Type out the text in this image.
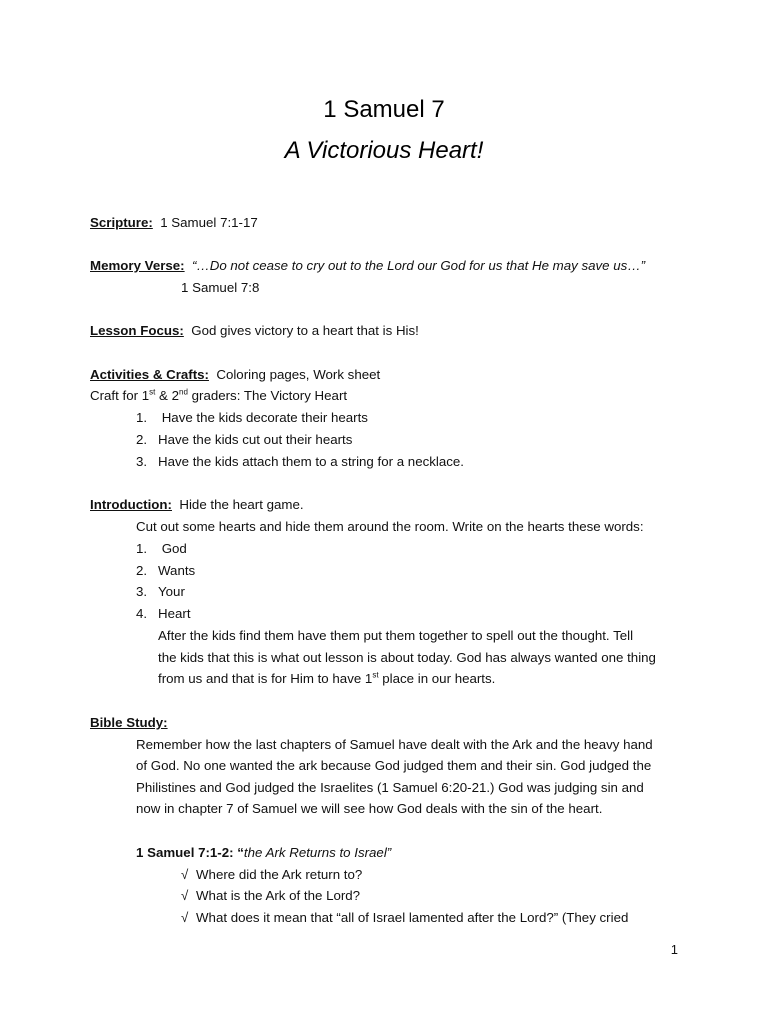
1 Samuel 7
A Victorious Heart!
Scripture: 1 Samuel 7:1-17
Memory Verse: “…Do not cease to cry out to the Lord our God for us that He may save us…”
1 Samuel 7:8
Lesson Focus: God gives victory to a heart that is His!
Activities & Crafts: Coloring pages, Work sheet
Craft for 1st & 2nd graders: The Victory Heart
1. Have the kids decorate their hearts
2. Have the kids cut out their hearts
3. Have the kids attach them to a string for a necklace.
Introduction: Hide the heart game.
Cut out some hearts and hide them around the room. Write on the hearts these words:
1. God
2. Wants
3. Your
4. Heart
After the kids find them have them put them together to spell out the thought. Tell
the kids that this is what out lesson is about today. God has always wanted one thing
from us and that is for Him to have 1st place in our hearts.
Bible Study:
Remember how the last chapters of Samuel have dealt with the Ark and the heavy hand
of God. No one wanted the ark because God judged them and their sin. God judged the
Philistines and God judged the Israelites (1 Samuel 6:20-21.) God was judging sin and
now in chapter 7 of Samuel we will see how God deals with the sin of the heart.
1 Samuel 7:1-2: “the Ark Returns to Israel”
√ Where did the Ark return to?
√ What is the Ark of the Lord?
√ What does it mean that “all of Israel lamented after the Lord?” (They cried
1
